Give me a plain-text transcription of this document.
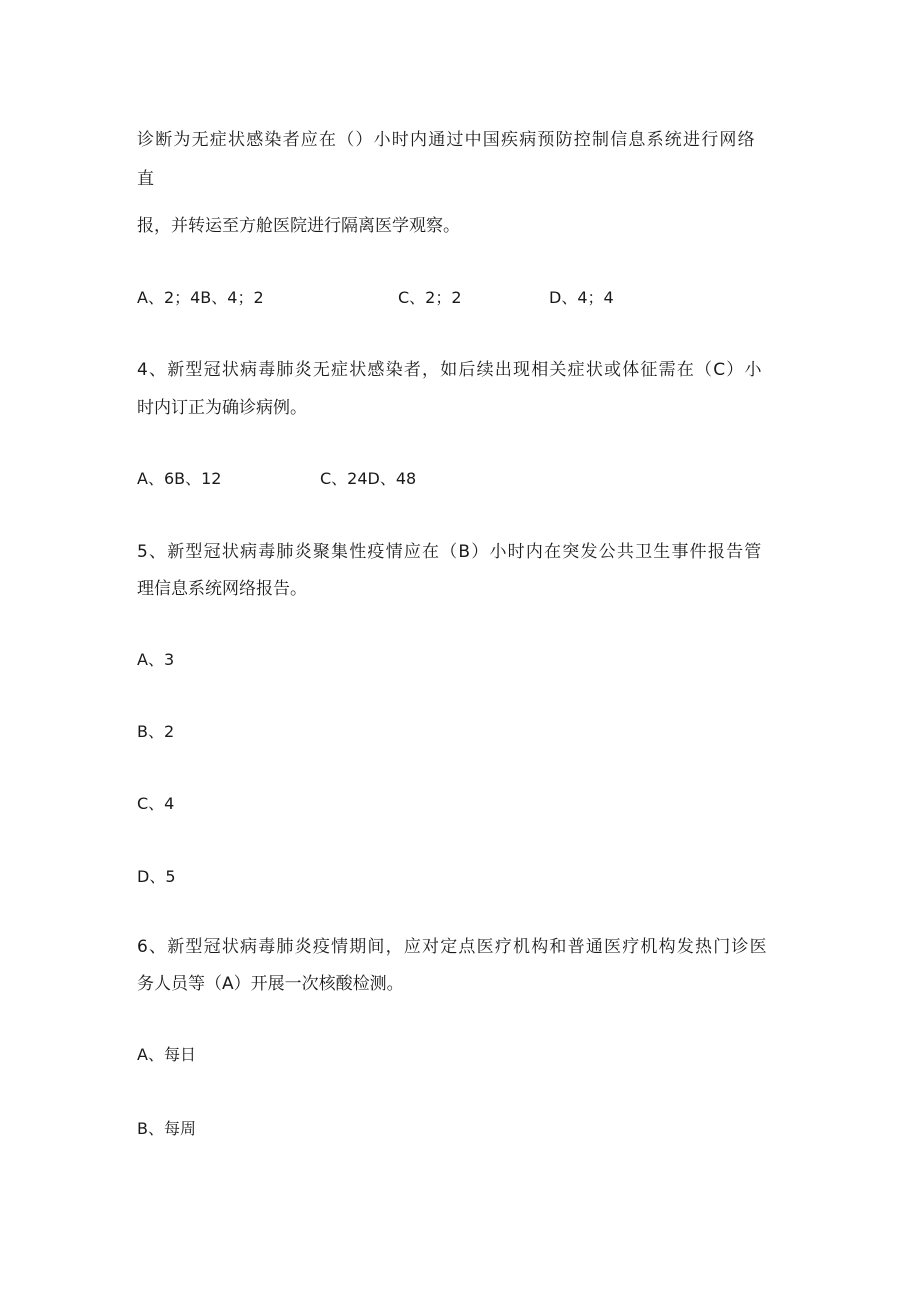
诊断为无症状感染者应在（）小时内通过中国疾病预防控制信息系统进行网络
直
报，并转运至方舱医院进行隔离医学观察。
A、2；4B、4；2	C、2；2	D、4；4
4、新型冠状病毒肺炎无症状感染者，如后续出现相关症状或体征需在（C）小
时内订正为确诊病例。
A、6B、12	C、24D、48
5、新型冠状病毒肺炎聚集性疫情应在（B）小时内在突发公共卫生事件报告管
理信息系统网络报告。
A、3
B、2
C、4
D、5
6、新型冠状病毒肺炎疫情期间，应对定点医疗机构和普通医疗机构发热门诊医
务人员等（A）开展一次核酸检测。
A、每日
B、每周
